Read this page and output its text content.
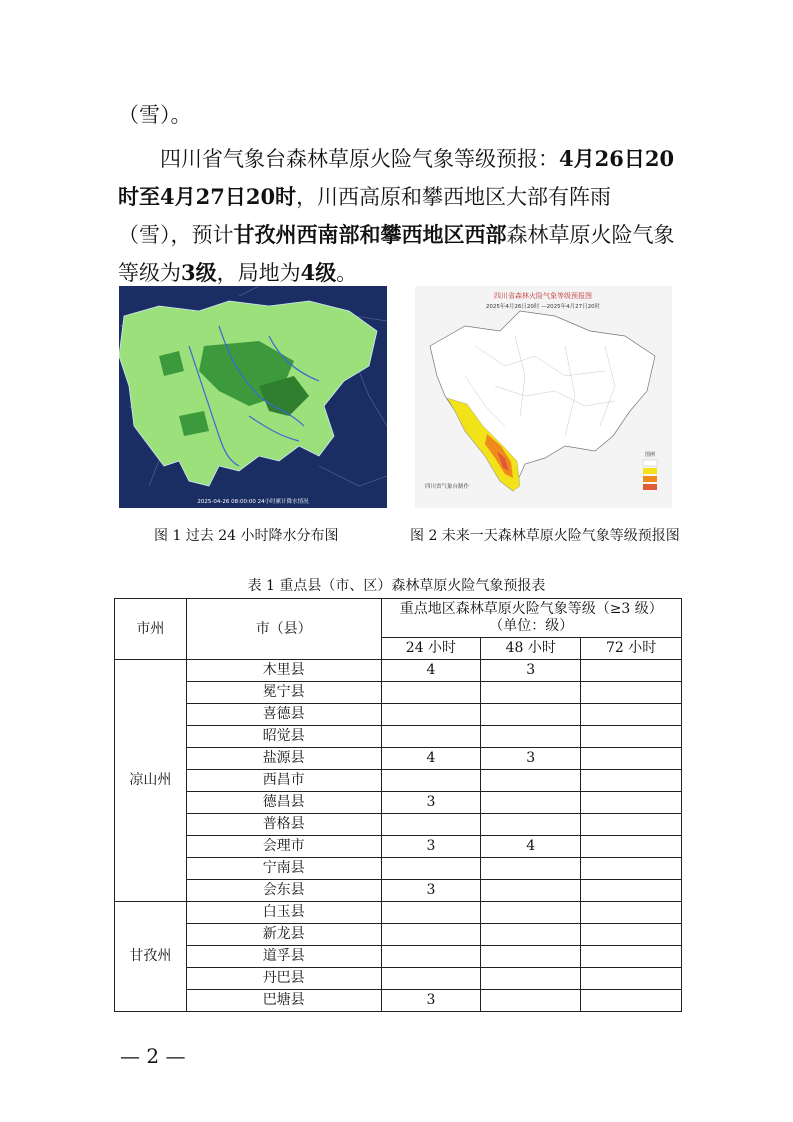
（雪）。

四川省气象台森林草原火险气象等级预报：4月26日20时至4月27日20时，川西高原和攀西地区大部有阵雨（雪），预计甘孜州西南部和攀西地区西部森林草原火险气象等级为3级，局地为4级。

2025-04-26 08:00:00 24小时累计降水情况
四川省森林火险气象等级预报图
2025年4月26日20时 —2025年4月27日20时
图例
四川省气象台制作
图 1 过去 24 小时降水分布图	图 2 未来一天森林草原火险气象等级预报图
表 1 重点县（市、区）森林草原火险气象预报表
市州	市（县）	重点地区森林草原火险气象等级（≥3 级）
（单位：级）		
		24 小时	48 小时	72 小时
凉山州	木里县	4	3	
	冕宁县			
	喜德县			
	昭觉县			
	盐源县	4	3	
	西昌市			
	德昌县	3		
	普格县			
	会理市	3	4	
	宁南县			
	会东县	3		
甘孜州	白玉县			
	新龙县			
	道孚县			
	丹巴县			
	巴塘县	3		
— 2 —
